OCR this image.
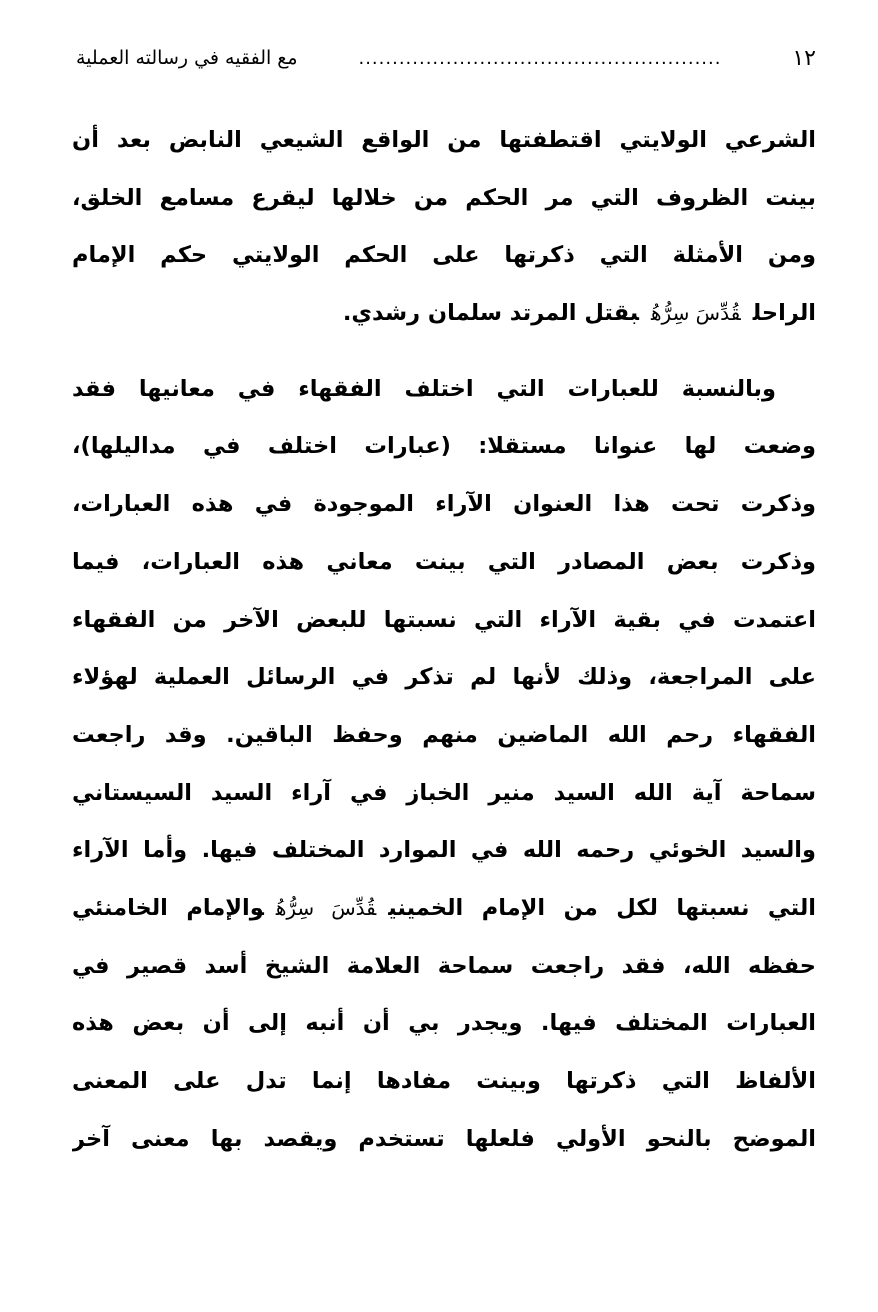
١٢
......................................................
مع الفقيه في رسالته العملية
الشرعي الولايتي اقتطفتها من الواقع الشيعي النابض بعد أن
بينت الظروف التي مر الحكم من خلالها ليقرع مسامع الخلق،
ومن الأمثلة التي ذكرتها على الحكم الولايتي حكم الإمام
الراحلقُدِّسَ سِرُّهُبقتل المرتد سلمان رشدي.
وبالنسبة للعبارات التي اختلف الفقهاء في معانيها فقد
وضعت لها عنوانا مستقلا: (عبارات اختلف في مداليلها)،
وذكرت تحت هذا العنوان الآراء الموجودة في هذه العبارات،
وذكرت بعض المصادر التي بينت معاني هذه العبارات، فيما
اعتمدت في بقية الآراء التي نسبتها للبعض الآخر من الفقهاء
على المراجعة، وذلك لأنها لم تذكر في الرسائل العملية لهؤلاء
الفقهاء رحم الله الماضين منهم وحفظ الباقين. وقد راجعت
سماحة آية الله السيد منير الخباز في آراء السيد السيستاني
والسيد الخوئي رحمه الله في الموارد المختلف فيها. وأما الآراء
التي نسبتها لكل من الإمام الخمينيقُدِّسَ سِرُّهُوالإمام الخامنئي
حفظه الله، فقد راجعت سماحة العلامة الشيخ أسد قصير في
العبارات المختلف فيها. ويجدر بي أن أنبه إلى أن بعض هذه
الألفاظ التي ذكرتها وبينت مفادها إنما تدل على المعنى
الموضح بالنحو الأولي فلعلها تستخدم ويقصد بها معنى آخر
